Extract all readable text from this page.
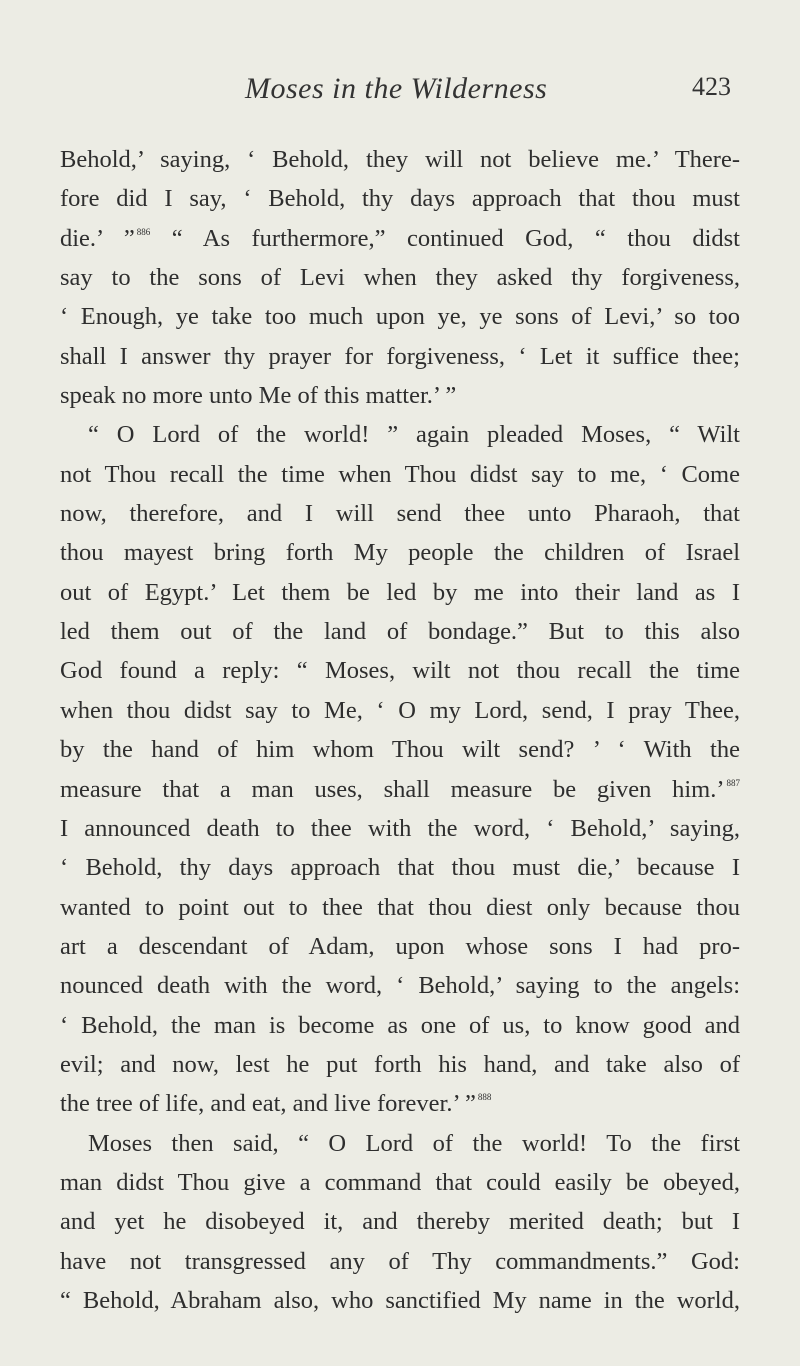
Moses in the Wilderness	423
Behold,’ saying, ‘ Behold, they will not believe me.’ There-
fore did I say, ‘ Behold, thy days approach that thou must
die.’ ” $^{886}$ “ As furthermore,” continued God, “ thou didst
say to the sons of Levi when they asked thy forgiveness,
‘ Enough, ye take too much upon ye, ye sons of Levi,’ so too
shall I answer thy prayer for forgiveness, ‘ Let it suffice thee;
speak no more unto Me of this matter.’ ”
“ O Lord of the world! ” again pleaded Moses, “ Wilt
not Thou recall the time when Thou didst say to me, ‘ Come
now, therefore, and I will send thee unto Pharaoh, that
thou mayest bring forth My people the children of Israel
out of Egypt.’ Let them be led by me into their land as I
led them out of the land of bondage.” But to this also
God found a reply: “ Moses, wilt not thou recall the time
when thou didst say to Me, ‘ O my Lord, send, I pray Thee,
by the hand of him whom Thou wilt send? ’ ‘ With the
measure that a man uses, shall measure be given him.’ $^{887}$
I announced death to thee with the word, ‘ Behold,’ saying,
‘ Behold, thy days approach that thou must die,’ because I
wanted to point out to thee that thou diest only because thou
art a descendant of Adam, upon whose sons I had pro-
nounced death with the word, ‘ Behold,’ saying to the angels:
‘ Behold, the man is become as one of us, to know good and
evil; and now, lest he put forth his hand, and take also of
the tree of life, and eat, and live forever.’ ” $^{888}$
Moses then said, “ O Lord of the world! To the first
man didst Thou give a command that could easily be obeyed,
and yet he disobeyed it, and thereby merited death; but I
have not transgressed any of Thy commandments.” God:
“ Behold, Abraham also, who sanctified My name in the world,
